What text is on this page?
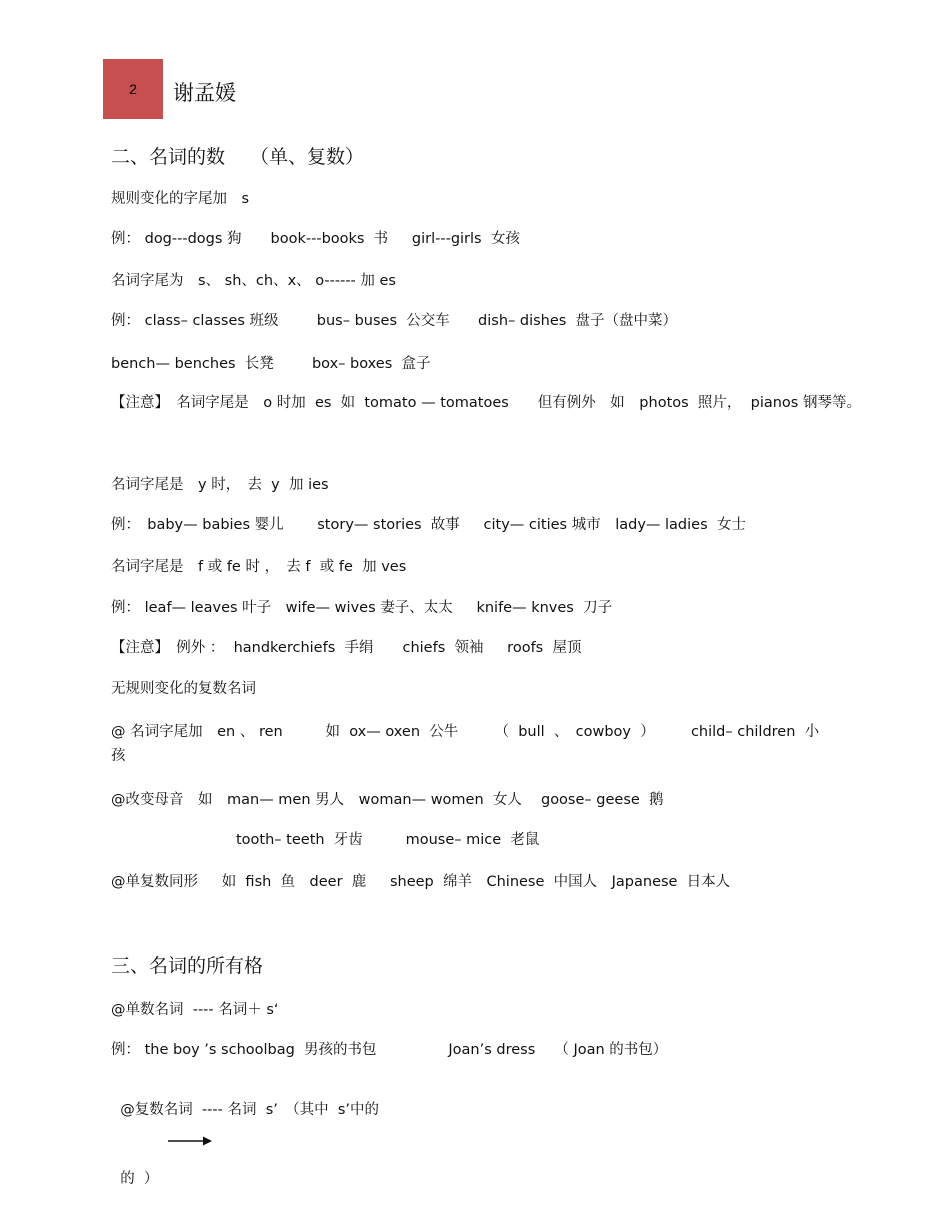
2	谢孟媛
二、名词的数　 （单、复数）
规则变化的字尾加　s
例： dog---dogs 狗　　book---books  书　  girl---girls  女孩
名词字尾为　s、 sh、ch、x、 o------ 加 es
例： class– classes 班级　　  bus– buses  公交车　   dish– dishes  盘子（盘中菜）
bench— benches  长凳　　  box– boxes  盒子
【注意】　名词字尾是　o 时加  es  如  tomato — tomatoes　　但有例外　如　photos  照片，  pianos 钢琴等。
名词字尾是　y 时，　去  y  加 ies
例：　baby— babies 婴儿　　 story— stories  故事　  city— cities 城市　lady— ladies  女士
名词字尾是　f 或 fe 时 ，　去 f  或 fe  加 ves
例： leaf— leaves 叶子　wife— wives 妻子、太太　  knife— knves  刀子
【注意】　例外 ：  handkerchiefs  手绢　　chiefs  领袖　  roofs  屋顶
无规则变化的复数名词
@ 名词字尾加　en 、 ren　　   如  ox— oxen  公牛　　　（  bull  、　cowboy  ）　　　child– children  小
孩
@改变母音　如　man— men 男人　woman— women  女人　 goose– geese  鹅
tooth– teeth  牙齿　　   mouse– mice  老鼠
@单复数同形　  如  fish  鱼　deer  鹿　  sheep  绵羊　Chinese  中国人　Japanese  日本人
三、名词的所有格
@单数名词  ---- 名词＋ s‘
例： the boy ’s schoolbag  男孩的书包　　　　   Joan’s dress　 （ Joan 的书包）

@复数名词  ---- 名词  s’　（其中  s’中的

的  ）
